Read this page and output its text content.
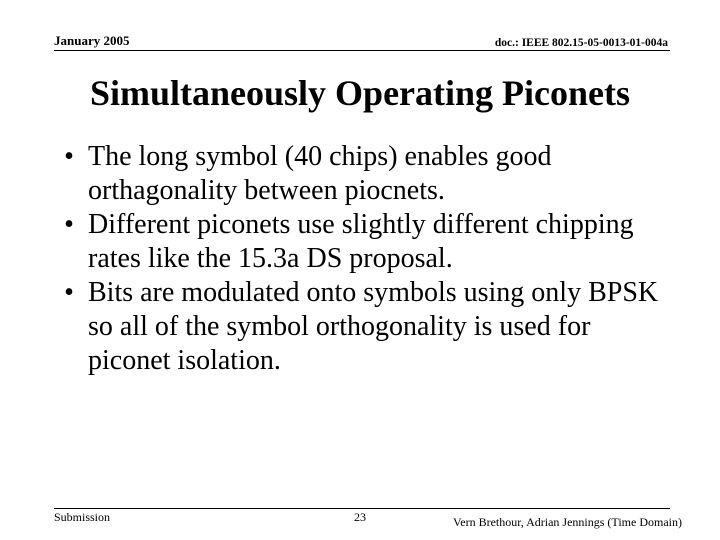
January 2005	doc.: IEEE 802.15-05-0013-01-004a
Simultaneously Operating Piconets
• The long symbol (40 chips) enables good orthagonality between piocnets.
• Different piconets use slightly different chipping rates like the 15.3a DS proposal.
• Bits are modulated onto symbols using only BPSK so all of the symbol orthogonality is used for piconet isolation.
Submission	23	Vern Brethour, Adrian Jennings (Time Domain)
